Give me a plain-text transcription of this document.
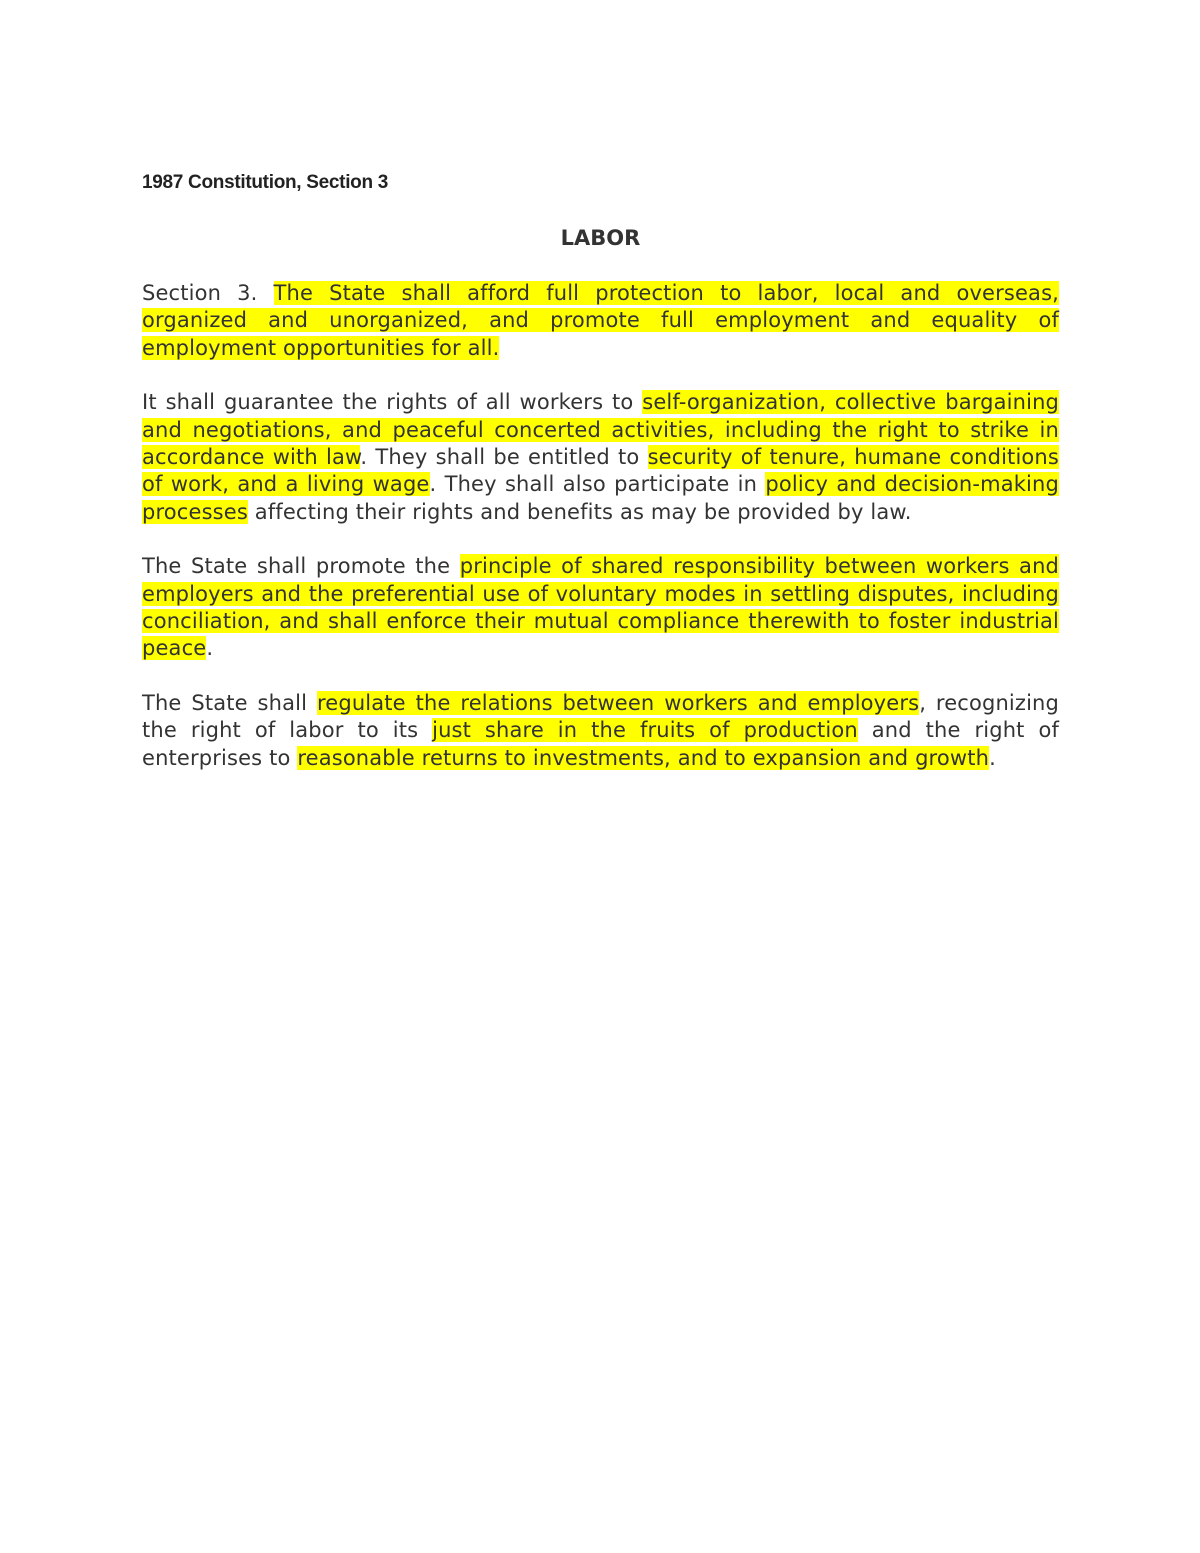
1987 Constitution, Section 3
LABOR

Section 3. The State shall afford full protection to labor, local and overseas, organized and unorganized, and promote full employment and equality of employment opportunities for all.

It shall guarantee the rights of all workers to self-organization, collective bargaining and negotiations, and peaceful concerted activities, including the right to strike in accordance with law. They shall be entitled to security of tenure, humane conditions of work, and a living wage. They shall also participate in policy and decision-making processes affecting their rights and benefits as may be provided by law.

The State shall promote the principle of shared responsibility between workers and employers and the preferential use of voluntary modes in settling disputes, including conciliation, and shall enforce their mutual compliance therewith to foster industrial peace.

The State shall regulate the relations between workers and employers, recognizing the right of labor to its just share in the fruits of production and the right of enterprises to reasonable returns to investments, and to expansion and growth.
